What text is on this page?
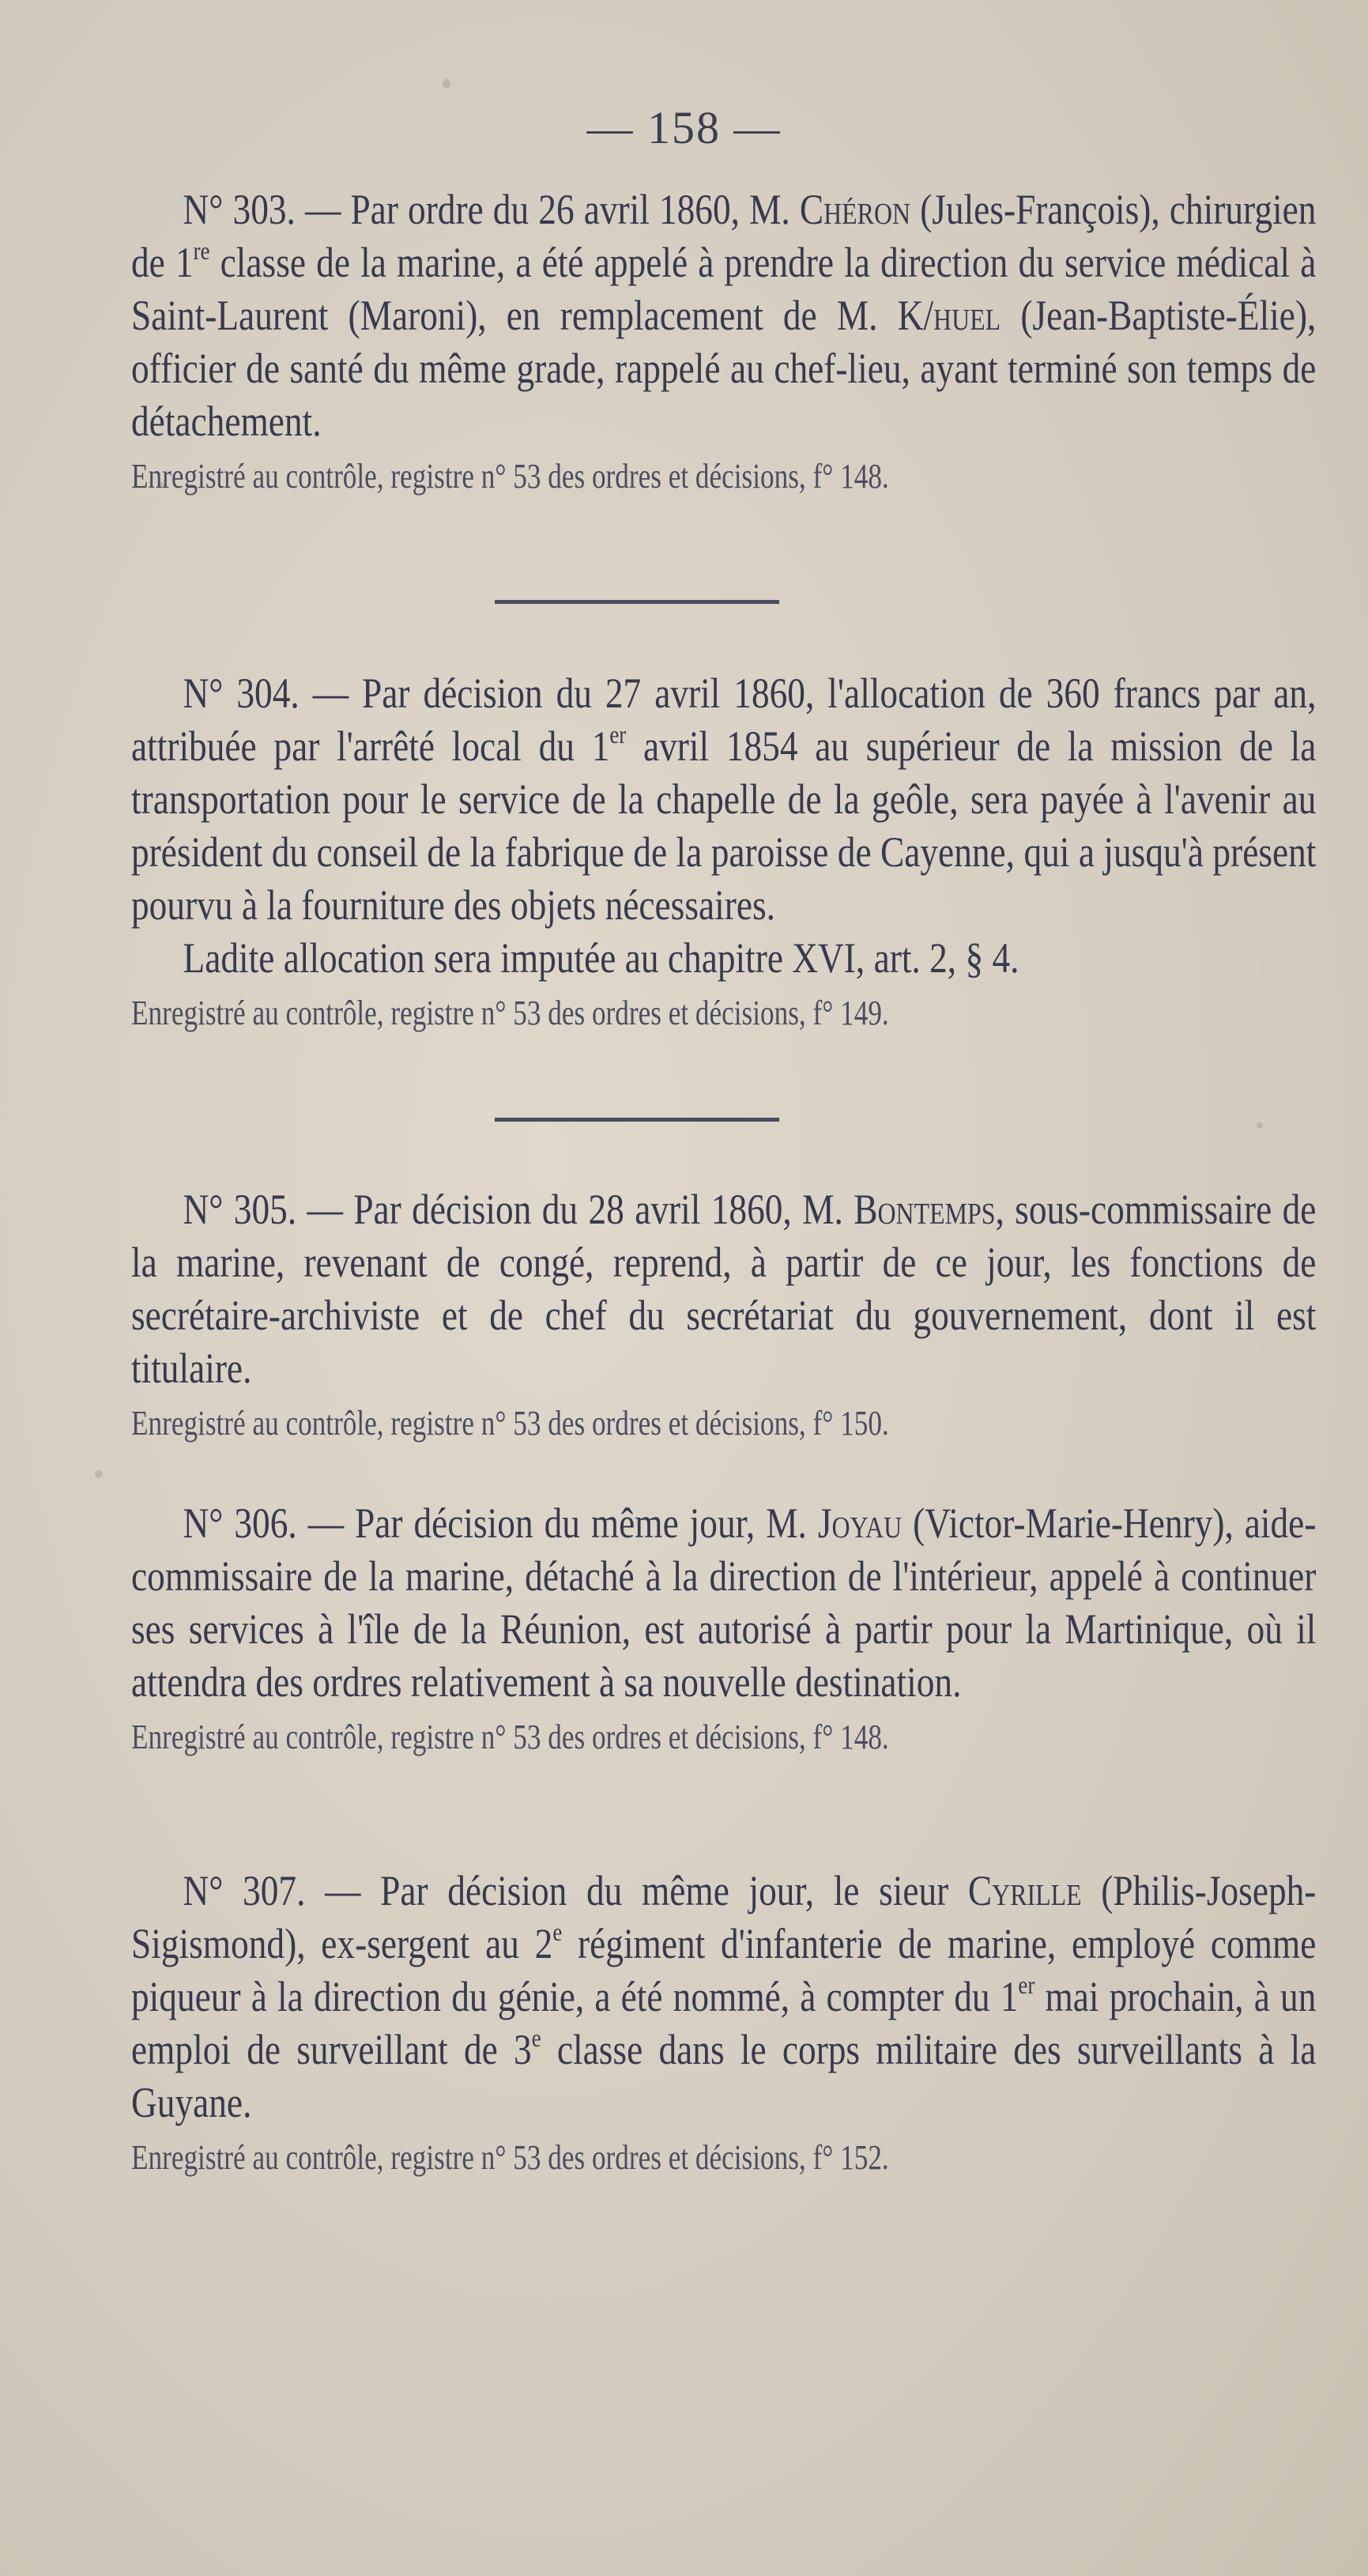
— 158 —

N° 303. — Par ordre du 26 avril 1860, M. Chéron (Jules-François), chirurgien de 1re classe de la marine, a été appelé à prendre la direction du service médical à Saint-Laurent (Maroni), en remplacement de M. K/huel (Jean-Baptiste-Élie), officier de santé du même grade, rappelé au chef-lieu, ayant terminé son temps de détachement.

Enregistré au contrôle, registre n° 53 des ordres et décisions, f° 148.

N° 304. — Par décision du 27 avril 1860, l'allocation de 360 francs par an, attribuée par l'arrêté local du 1er avril 1854 au supérieur de la mission de la transportation pour le service de la chapelle de la geôle, sera payée à l'avenir au président du conseil de la fabrique de la paroisse de Cayenne, qui a jusqu'à présent pourvu à la fourniture des objets nécessaires.

Ladite allocation sera imputée au chapitre XVI, art. 2, § 4.

Enregistré au contrôle, registre n° 53 des ordres et décisions, f° 149.

N° 305. — Par décision du 28 avril 1860, M. Bontemps, sous-commissaire de la marine, revenant de congé, reprend, à partir de ce jour, les fonctions de secrétaire-archiviste et de chef du secrétariat du gouvernement, dont il est titulaire.

Enregistré au contrôle, registre n° 53 des ordres et décisions, f° 150.

N° 306. — Par décision du même jour, M. Joyau (Victor-Marie-Henry), aide-commissaire de la marine, détaché à la direction de l'intérieur, appelé à continuer ses services à l'île de la Réunion, est autorisé à partir pour la Martinique, où il attendra des ordres relativement à sa nouvelle destination.

Enregistré au contrôle, registre n° 53 des ordres et décisions, f° 148.

N° 307. — Par décision du même jour, le sieur Cyrille (Philis-Joseph-Sigismond), ex-sergent au 2e régiment d'infanterie de marine, employé comme piqueur à la direction du génie, a été nommé, à compter du 1er mai prochain, à un emploi de surveillant de 3e classe dans le corps militaire des surveillants à la Guyane.

Enregistré au contrôle, registre n° 53 des ordres et décisions, f° 152.
